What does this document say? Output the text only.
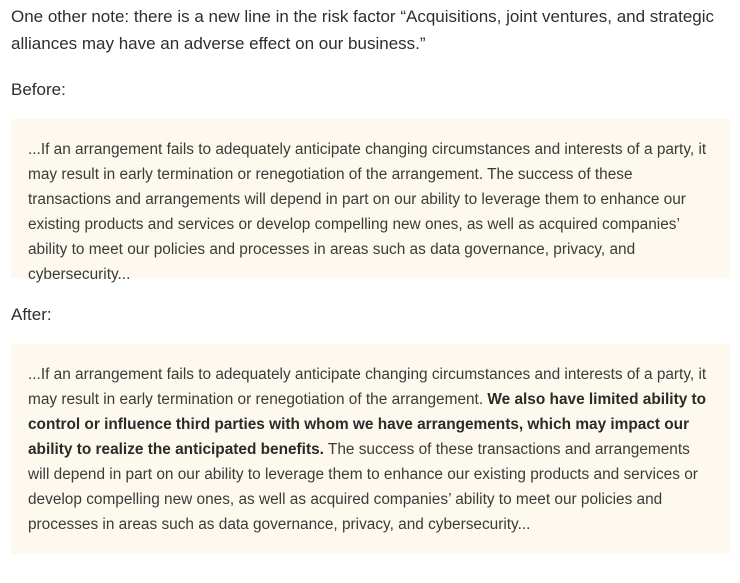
One other note: there is a new line in the risk factor “Acquisitions, joint ventures, and strategic alliances may have an adverse effect on our business.”

Before:

...If an arrangement fails to adequately anticipate changing circumstances and interests of a party, it may result in early termination or renegotiation of the arrangement. The success of these transactions and arrangements will depend in part on our ability to leverage them to enhance our existing products and services or develop compelling new ones, as well as acquired companies’ ability to meet our policies and processes in areas such as data governance, privacy, and cybersecurity...

After:

...If an arrangement fails to adequately anticipate changing circumstances and interests of a party, it may result in early termination or renegotiation of the arrangement. We also have limited ability to control or influence third parties with whom we have arrangements, which may impact our ability to realize the anticipated benefits. The success of these transactions and arrangements will depend in part on our ability to leverage them to enhance our existing products and services or develop compelling new ones, as well as acquired companies’ ability to meet our policies and processes in areas such as data governance, privacy, and cybersecurity...
